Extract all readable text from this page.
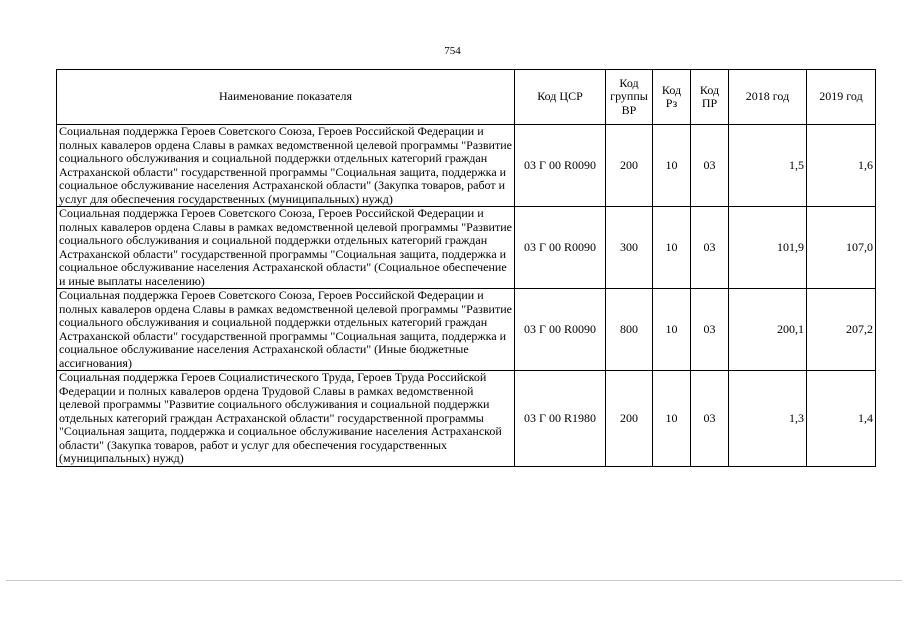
754
Наименование показателя	Код ЦСР	Код группы ВР	Код Рз	Код ПР	2018 год	2019 год
Социальная поддержка Героев Советского Союза, Героев Российской Федерации и полных кавалеров ордена Славы в рамках ведомственной целевой программы "Развитие социального обслуживания и социальной поддержки отдельных категорий граждан Астраханской области" государственной программы "Социальная защита, поддержка и социальное обслуживание населения Астраханской области" (Закупка товаров, работ и услуг для обеспечения государственных (муниципальных) нужд)	03 Г 00 R0090	200	10	03	1,5	1,6
Социальная поддержка Героев Советского Союза, Героев Российской Федерации и полных кавалеров ордена Славы в рамках ведомственной целевой программы "Развитие социального обслуживания и социальной поддержки отдельных категорий граждан Астраханской области" государственной программы "Социальная защита, поддержка и социальное обслуживание населения Астраханской области" (Социальное обеспечение и иные выплаты населению)	03 Г 00 R0090	300	10	03	101,9	107,0
Социальная поддержка Героев Советского Союза, Героев Российской Федерации и полных кавалеров ордена Славы в рамках ведомственной целевой программы "Развитие социального обслуживания и социальной поддержки отдельных категорий граждан Астраханской области" государственной программы "Социальная защита, поддержка и социальное обслуживание населения Астраханской области" (Иные бюджетные ассигнования)	03 Г 00 R0090	800	10	03	200,1	207,2
Социальная поддержка Героев Социалистического Труда, Героев Труда Российской Федерации и полных кавалеров ордена Трудовой Славы в рамках ведомственной целевой программы "Развитие социального обслуживания и социальной поддержки отдельных категорий граждан Астраханской области" государственной программы "Социальная защита, поддержка и социальное обслуживание населения Астраханской области" (Закупка товаров, работ и услуг для обеспечения государственных (муниципальных) нужд)	03 Г 00 R1980	200	10	03	1,3	1,4
